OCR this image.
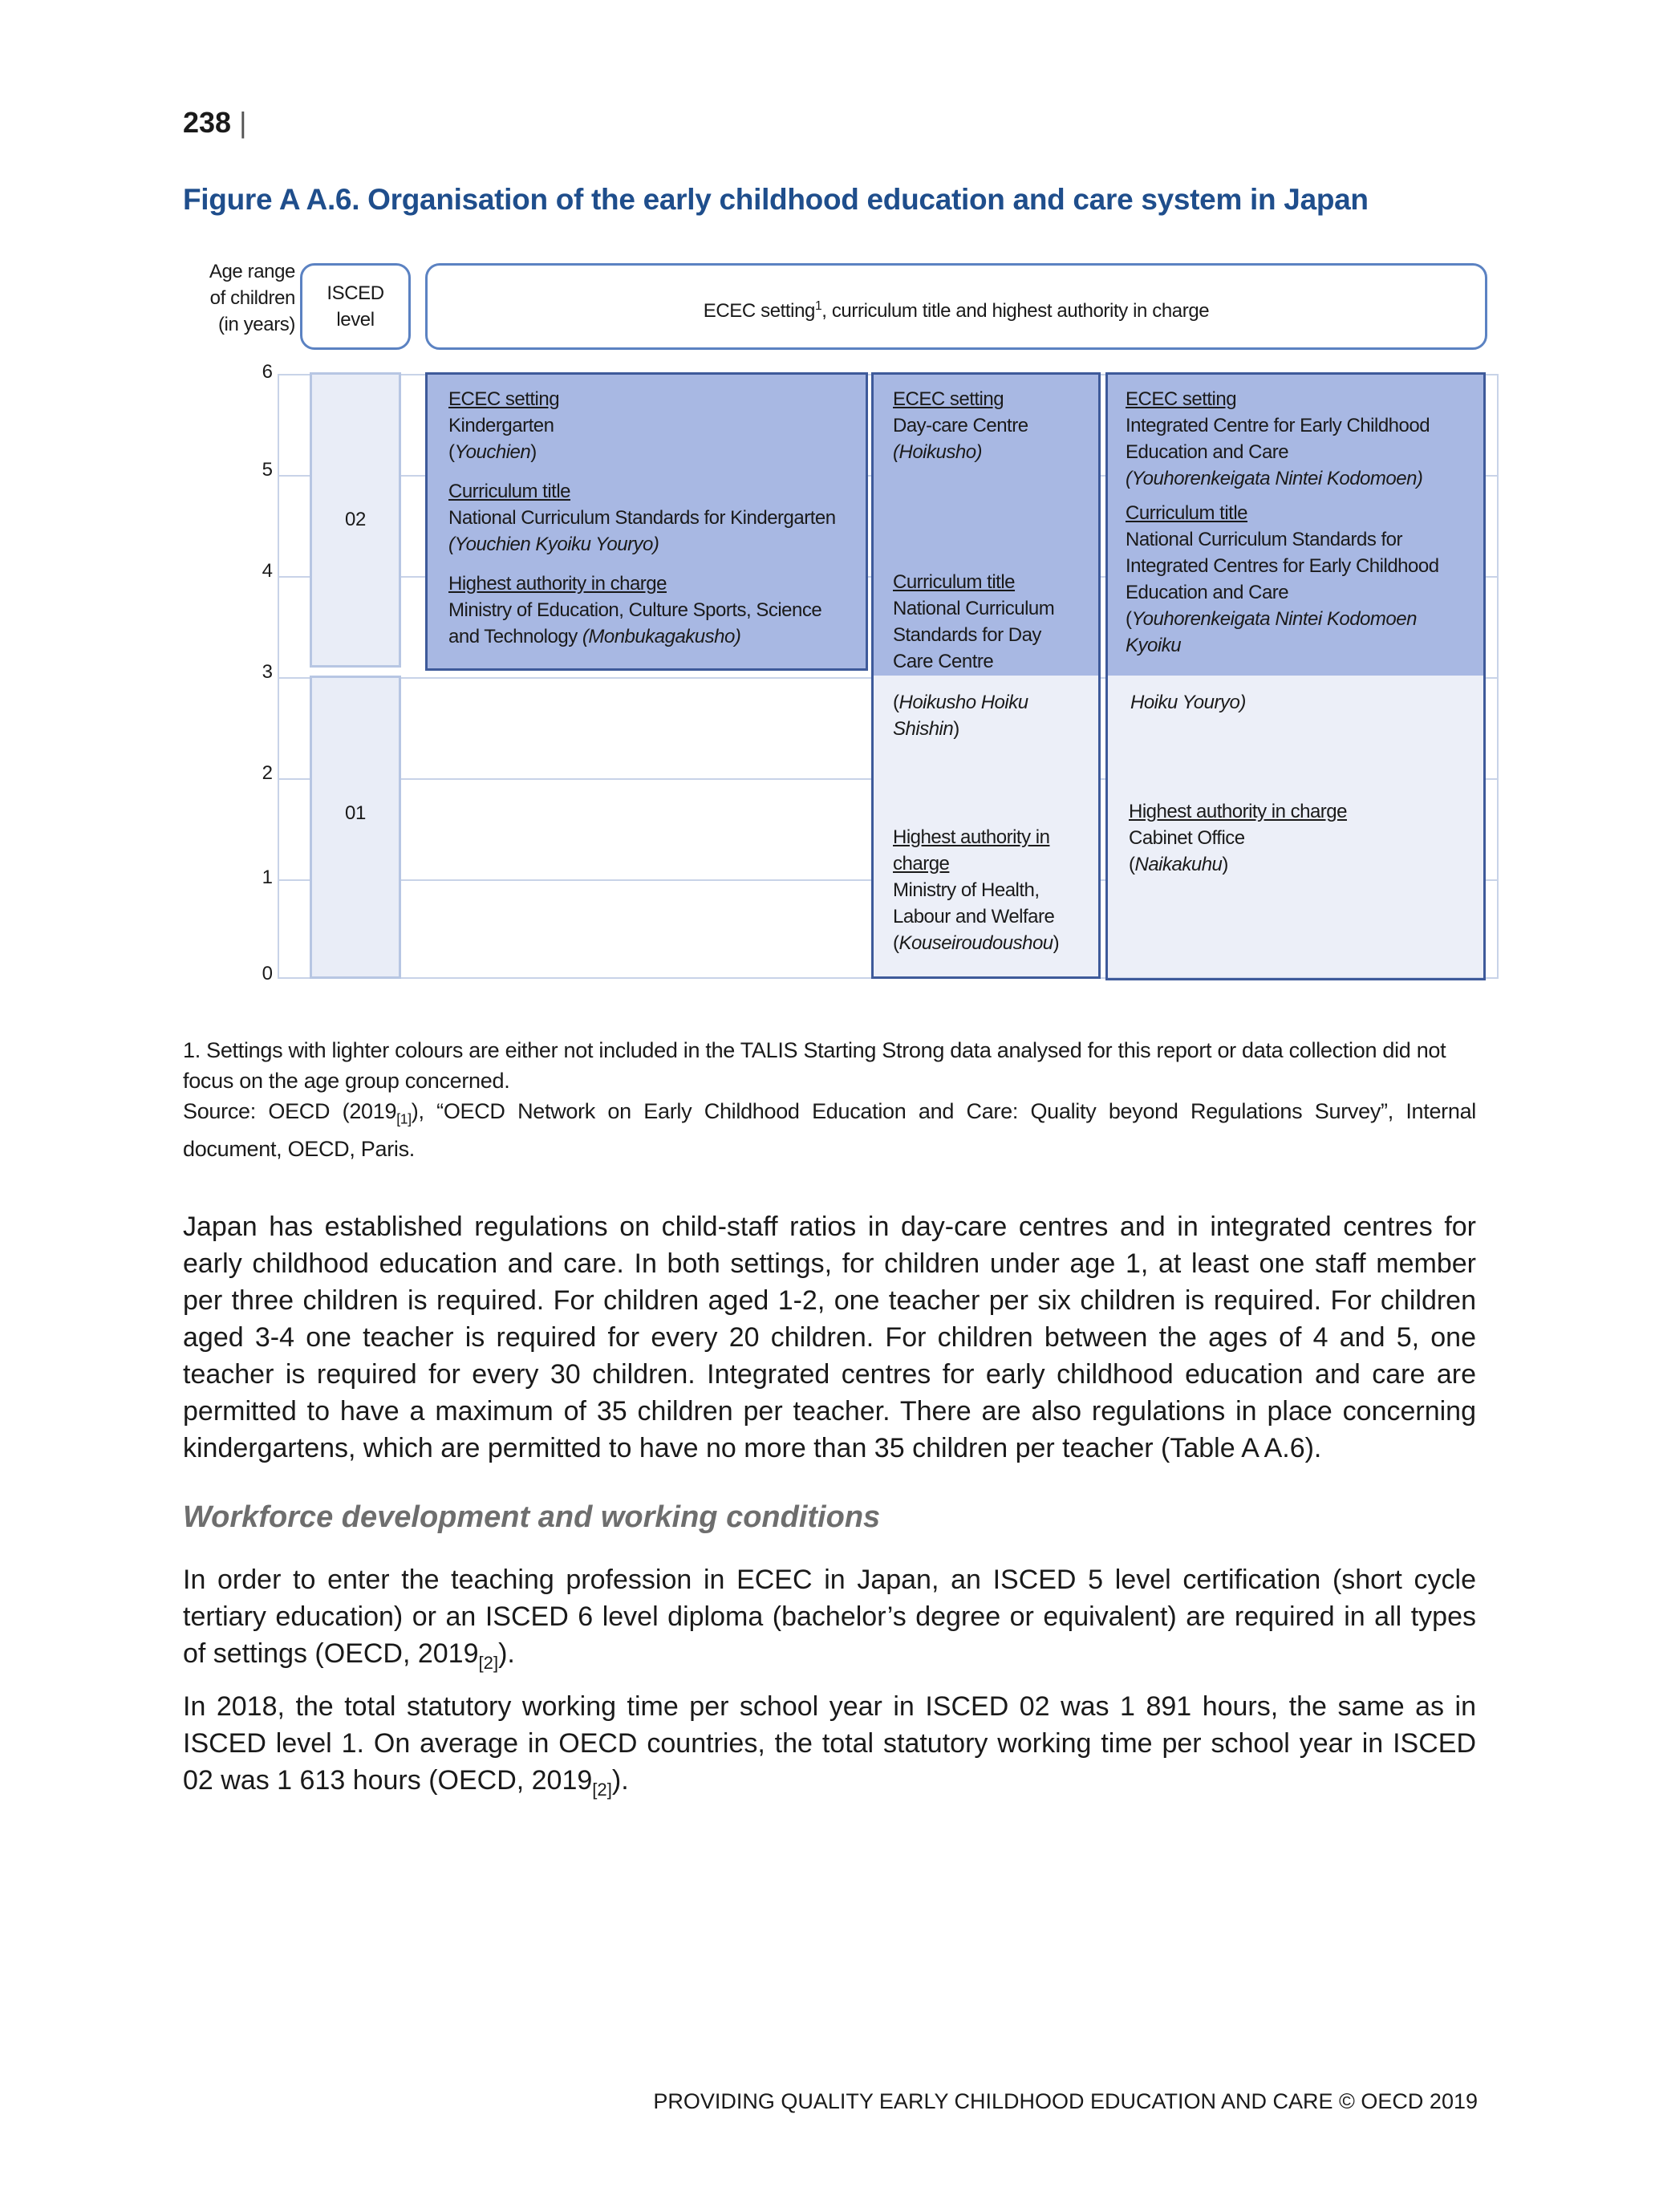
238 |
Figure A A.6. Organisation of the early childhood education and care system in Japan
Age range
of children
(in years)
ISCED
level	ECEC setting$^1$, curriculum title and highest authority in charge
6
5
4
3
2
1
0
02
01
ECEC setting
Kindergarten
(Youchien)
Curriculum title
National Curriculum Standards for Kindergarten
(Youchien Kyoiku Youryo)
Highest authority in charge
Ministry of Education, Culture Sports, Science
and Technology (Monbukagakusho)
ECEC setting
Day-care Centre
(Hoikusho)
Curriculum title
National Curriculum
Standards for Day
Care Centre
(Hoikusho Hoiku
Shishin)
Highest authority in
charge
Ministry of Health,
Labour and Welfare
(Kouseiroudoushou)
ECEC setting
Integrated Centre for Early Childhood
Education and Care
(Youhorenkeigata Nintei Kodomoen)
Curriculum title
National Curriculum Standards for
Integrated Centres for Early Childhood
Education and Care
(Youhorenkeigata Nintei Kodomoen
Kyoiku
Hoiku Youryo)
Highest authority in charge
Cabinet Office
(Naikakuhu)
1. Settings with lighter colours are either not included in the TALIS Starting Strong data analysed for this report or data collection did not focus on the age group concerned.
Source: OECD $(2019_{[1]})$, “OECD Network on Early Childhood Education and Care: Quality beyond Regulations Survey”, Internal document, OECD, Paris.
Japan has established regulations on child-staff ratios in day-care centres and in integrated centres for early childhood education and care. In both settings, for children under age 1, at least one staff member per three children is required. For children aged 1-2, one teacher per six children is required. For children aged 3-4 one teacher is required for every 20 children. For children between the ages of 4 and 5, one teacher is required for every 30 children. Integrated centres for early childhood education and care are permitted to have a maximum of 35 children per teacher. There are also regulations in place concerning kindergartens, which are permitted to have no more than 35 children per teacher (Table A A.6).
Workforce development and working conditions
In order to enter the teaching profession in ECEC in Japan, an ISCED 5 level certification (short cycle tertiary education) or an ISCED 6 level diploma (bachelor’s degree or equivalent) are required in all types of settings (OECD, $2019_{[2]}$).
In 2018, the total statutory working time per school year in ISCED 02 was 1 891 hours, the same as in ISCED level 1. On average in OECD countries, the total statutory working time per school year in ISCED 02 was 1 613 hours (OECD, $2019_{[2]}$).
PROVIDING QUALITY EARLY CHILDHOOD EDUCATION AND CARE © OECD 2019
